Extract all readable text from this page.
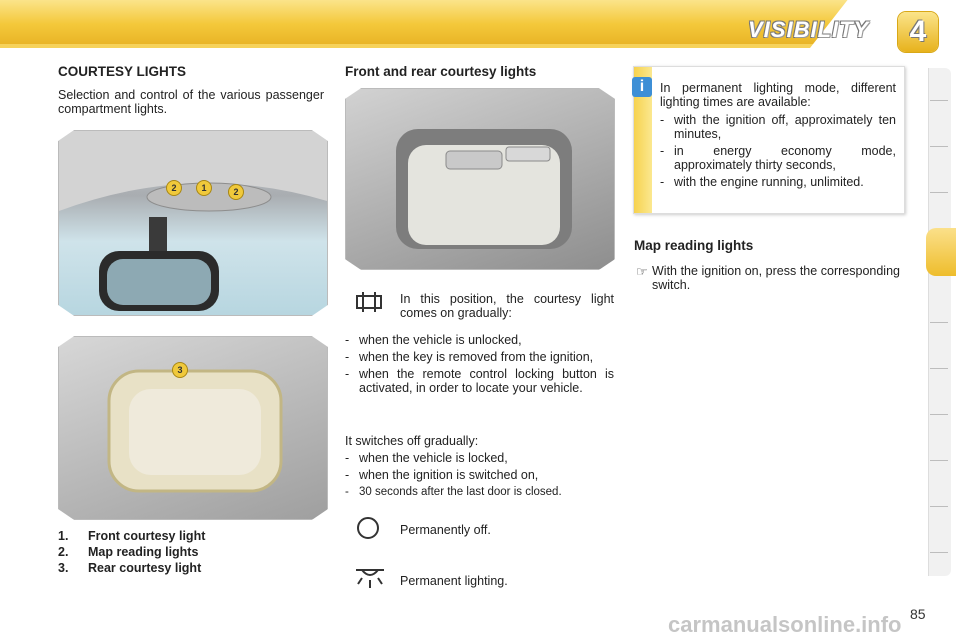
VISIBILITY	4
COURTESY LIGHTS
Selection and control of the various passenger compartment lights.
2	1	2
3
1. Front courtesy light
2. Map reading lights
3. Rear courtesy light
Front and rear courtesy lights
In this position, the courtesy light comes on gradually:
- when the vehicle is unlocked,
- when the key is removed from the ignition,
- when the remote control locking button is activated, in order to locate your vehicle.
It switches off gradually:
- when the vehicle is locked,
- when the ignition is switched on,
- 30 seconds after the last door is closed.
Permanently off.
Permanent lighting.
i	In permanent lighting mode, different lighting times are available:
- with the ignition off, approximately ten minutes,
- in energy economy mode, approximately thirty seconds,
- with the engine running, unlimited.
Map reading lights
☞ With the ignition on, press the corresponding switch.
carmanualsonline.info 85
